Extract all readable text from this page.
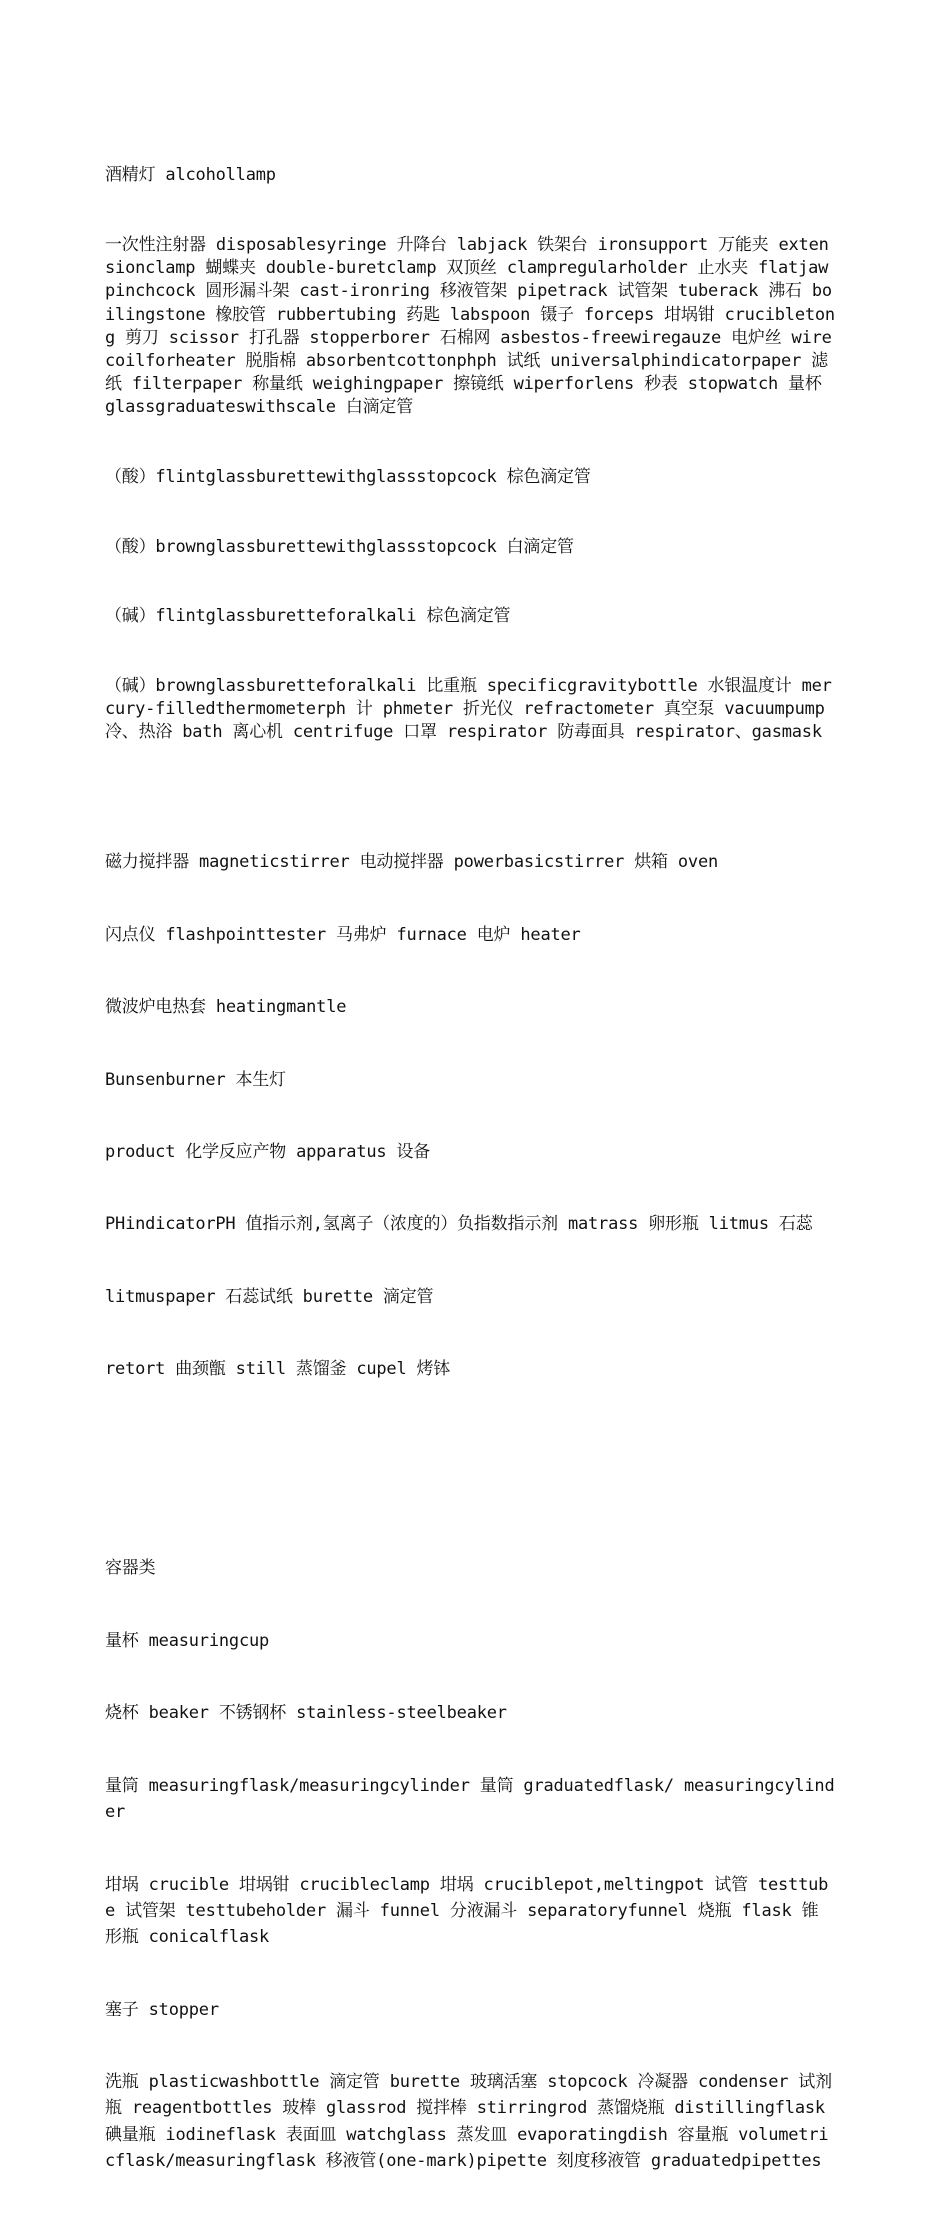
酒精灯 alcohollamp

一次性注射器 disposablesyringe 升降台 labjack 铁架台 ironsupport 万能夹 extensionclamp 蝴蝶夹 double-buretclamp 双顶丝 clampregularholder 止水夹 flatjawpinchcock 圆形漏斗架 cast-ironring 移液管架 pipetrack 试管架 tuberack 沸石 boilingstone 橡胶管 rubbertubing 药匙 labspoon 镊子 forceps 坩埚钳 crucibletong 剪刀 scissor 打孔器 stopperborer 石棉网 asbestos-freewiregauze 电炉丝 wirecoilforheater 脱脂棉 absorbentcottonphph 试纸 universalphindicatorpaper 滤纸 filterpaper 称量纸 weighingpaper 擦镜纸 wiperforlens 秒表 stopwatch 量杯 glassgraduateswithscale 白滴定管

（酸）flintglassburettewithglassstopcock 棕色滴定管

（酸）brownglassburettewithglassstopcock 白滴定管

（碱）flintglassburetteforalkali 棕色滴定管

（碱）brownglassburetteforalkali 比重瓶 specificgravitybottle 水银温度计 mercury-filledthermometerph 计 phmeter 折光仪 refractometer 真空泵 vacuumpump 冷、热浴 bath 离心机 centrifuge 口罩 respirator 防毒面具 respirator、gasmask

磁力搅拌器 magneticstirrer 电动搅拌器 powerbasicstirrer 烘箱 oven

闪点仪 flashpointtester 马弗炉 furnace 电炉 heater

微波炉电热套 heatingmantle

Bunsenburner 本生灯

product 化学反应产物 apparatus 设备

PHindicatorPH 值指示剂,氢离子（浓度的）负指数指示剂 matrass 卵形瓶 litmus 石蕊

litmuspaper 石蕊试纸 burette 滴定管

retort 曲颈甑 still 蒸馏釜 cupel 烤钵

容器类

量杯 measuringcup

烧杯 beaker 不锈钢杯 stainless-steelbeaker

量筒 measuringflask/measuringcylinder 量筒 graduatedflask/ measuringcylinder

坩埚 crucible 坩埚钳 crucibleclamp 坩埚 cruciblepot,meltingpot 试管 testtube 试管架 testtubeholder 漏斗 funnel 分液漏斗 separatoryfunnel 烧瓶 flask 锥形瓶 conicalflask

塞子 stopper

洗瓶 plasticwashbottle 滴定管 burette 玻璃活塞 stopcock 冷凝器 condenser 试剂瓶 reagentbottles 玻棒 glassrod 搅拌棒 stirringrod 蒸馏烧瓶 distillingflask 碘量瓶 iodineflask 表面皿 watchglass 蒸发皿 evaporatingdish 容量瓶 volumetricflask/measuringflask 移液管(one-mark)pipette 刻度移液管 graduatedpipettes
